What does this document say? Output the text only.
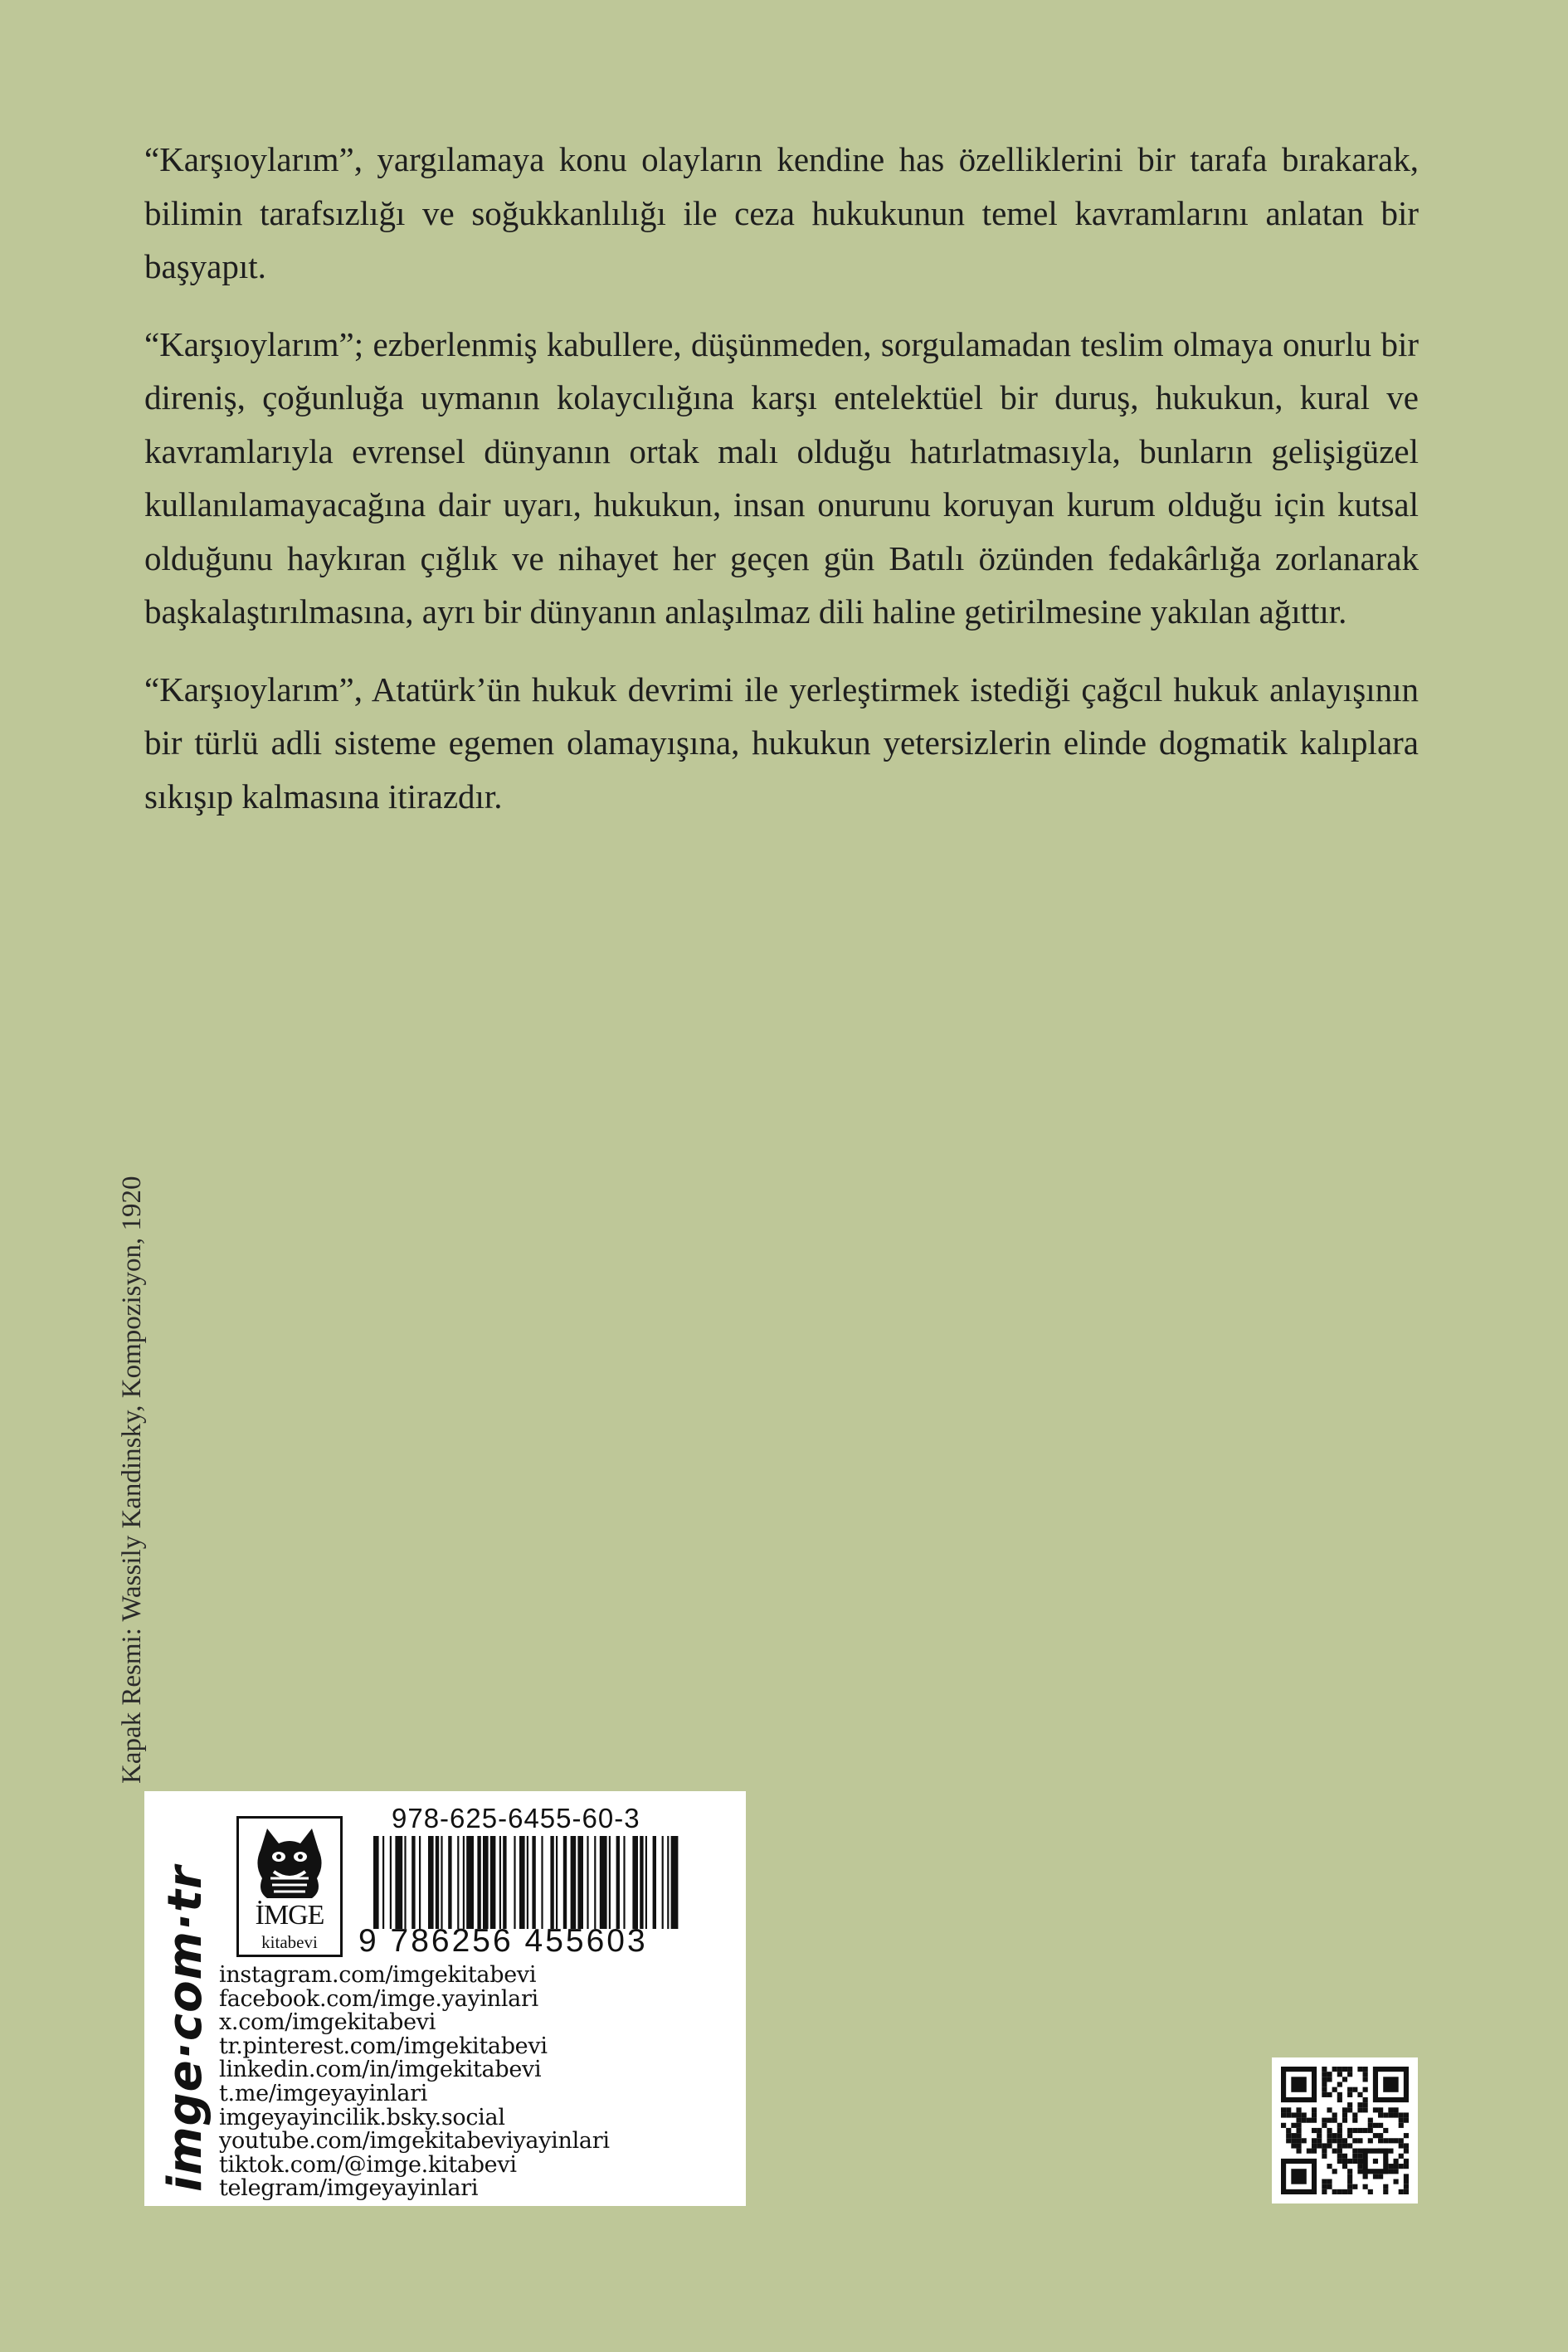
“Karşıoylarım”, yargılamaya konu olayların kendine has özelliklerini bir tarafa bırakarak, bilimin tarafsızlığı ve soğukkanlılığı ile ceza hukukunun temel kavramlarını anlatan bir başyapıt.

“Karşıoylarım”; ezberlenmiş kabullere, düşünmeden, sorgulamadan teslim olmaya onurlu bir direniş, çoğunluğa uymanın kolaycılığına karşı entelektüel bir duruş, hukukun, kural ve kavramlarıyla evrensel dünyanın ortak malı olduğu hatırlatmasıyla, bunların gelişigüzel kullanılamayacağına dair uyarı, hukukun, insan onurunu koruyan kurum olduğu için kutsal olduğunu haykıran çığlık ve nihayet her geçen gün Batılı özünden fedakârlığa zorlanarak başkalaştırılmasına, ayrı bir dünyanın anlaşılmaz dili haline getirilmesine yakılan ağıttır.

“Karşıoylarım”, Atatürk’ün hukuk devrimi ile yerleştirmek istediği çağcıl hukuk anlayışının bir türlü adli sisteme egemen olamayışına, hukukun yetersizlerin elinde dogmatik kalıplara sıkışıp kalmasına itirazdır.

Kapak Resmi: Wassily Kandinsky, Kompozisyon, 1920
imge·com·tr	İMGE
kitabevi
978-625-6455-60-3
9 786256 455603
instagram.com/imgekitabevi
facebook.com/imge.yayinlari
x.com/imgekitabevi
tr.pinterest.com/imgekitabevi
linkedin.com/in/imgekitabevi
t.me/imgeyayinlari
imgeyayincilik.bsky.social
youtube.com/imgekitabeviyayinlari
tiktok.com/@imge.kitabevi
telegram/imgeyayinlari
